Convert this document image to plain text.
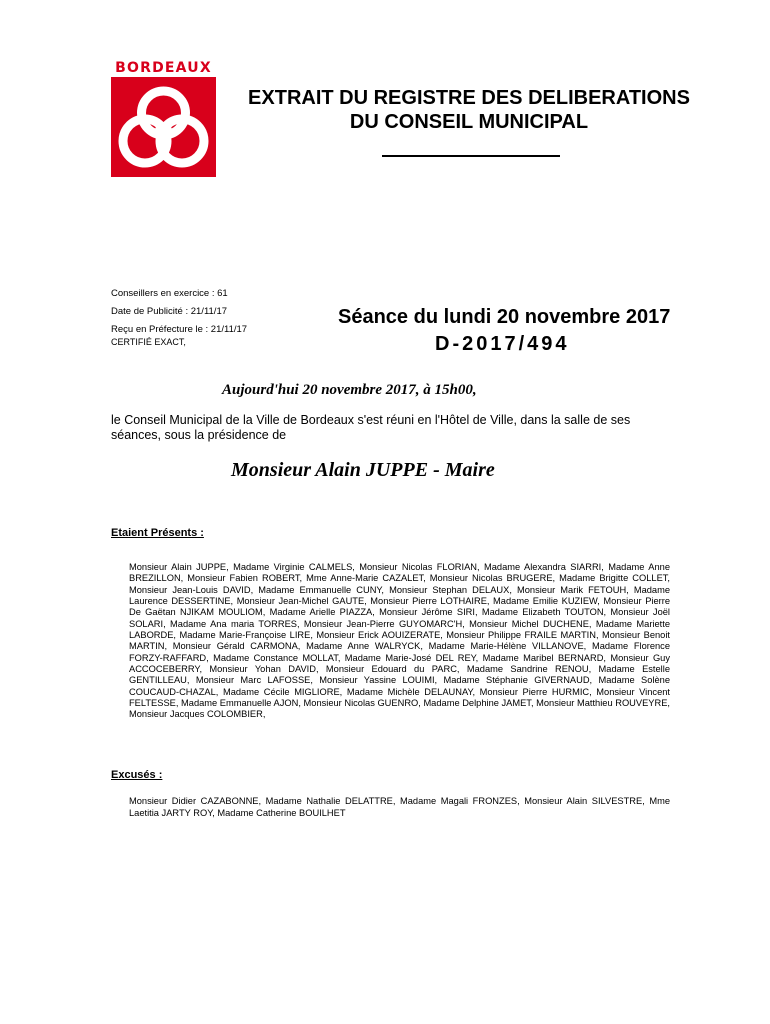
BORDEAUX
EXTRAIT DU REGISTRE DES DELIBERATIONS
DU CONSEIL MUNICIPAL
Conseillers en exercice : 61
Date de Publicité : 21/11/17
Reçu en Préfecture le : 21/11/17
CERTIFIÉ EXACT,
Séance du lundi 20 novembre 2017
D-2017/494
Aujourd'hui 20 novembre 2017, à 15h00,
le Conseil Municipal de la Ville de Bordeaux s'est réuni en l'Hôtel de Ville, dans la salle de ses séances, sous la présidence de
Monsieur Alain JUPPE - Maire
Etaient Présents :
Monsieur Alain JUPPE, Madame Virginie CALMELS, Monsieur Nicolas FLORIAN, Madame Alexandra SIARRI, Madame Anne BREZILLON, Monsieur Fabien ROBERT, Mme Anne-Marie CAZALET, Monsieur Nicolas BRUGERE, Madame Brigitte COLLET, Monsieur Jean-Louis DAVID, Madame Emmanuelle CUNY, Monsieur Stephan DELAUX, Monsieur Marik FETOUH, Madame Laurence DESSERTINE, Monsieur Jean-Michel GAUTE, Monsieur Pierre LOTHAIRE, Madame Emilie KUZIEW, Monsieur Pierre De Gaëtan NJIKAM MOULIOM, Madame Arielle PIAZZA, Monsieur Jérôme SIRI, Madame Elizabeth TOUTON, Monsieur Joël SOLARI, Madame Ana maria TORRES, Monsieur Jean-Pierre GUYOMARC'H, Monsieur Michel DUCHENE, Madame Mariette LABORDE, Madame Marie-Françoise LIRE, Monsieur Erick AOUIZERATE, Monsieur Philippe FRAILE MARTIN, Monsieur Benoit MARTIN, Monsieur Gérald CARMONA, Madame Anne WALRYCK, Madame Marie-Hélène VILLANOVE, Madame Florence FORZY-RAFFARD, Madame Constance MOLLAT, Madame Marie-José DEL REY, Madame Maribel BERNARD, Monsieur Guy ACCOCEBERRY, Monsieur Yohan DAVID, Monsieur Edouard du PARC, Madame Sandrine RENOU, Madame Estelle GENTILLEAU, Monsieur Marc LAFOSSE, Monsieur Yassine LOUIMI, Madame Stéphanie GIVERNAUD, Madame Solène COUCAUD-CHAZAL, Madame Cécile MIGLIORE, Madame Michèle DELAUNAY, Monsieur Pierre HURMIC, Monsieur Vincent FELTESSE, Madame Emmanuelle AJON, Monsieur Nicolas GUENRO, Madame Delphine JAMET, Monsieur Matthieu ROUVEYRE, Monsieur Jacques COLOMBIER,
Excusés :
Monsieur Didier CAZABONNE, Madame Nathalie DELATTRE, Madame Magali FRONZES, Monsieur Alain SILVESTRE, Mme Laetitia JARTY ROY, Madame Catherine BOUILHET
